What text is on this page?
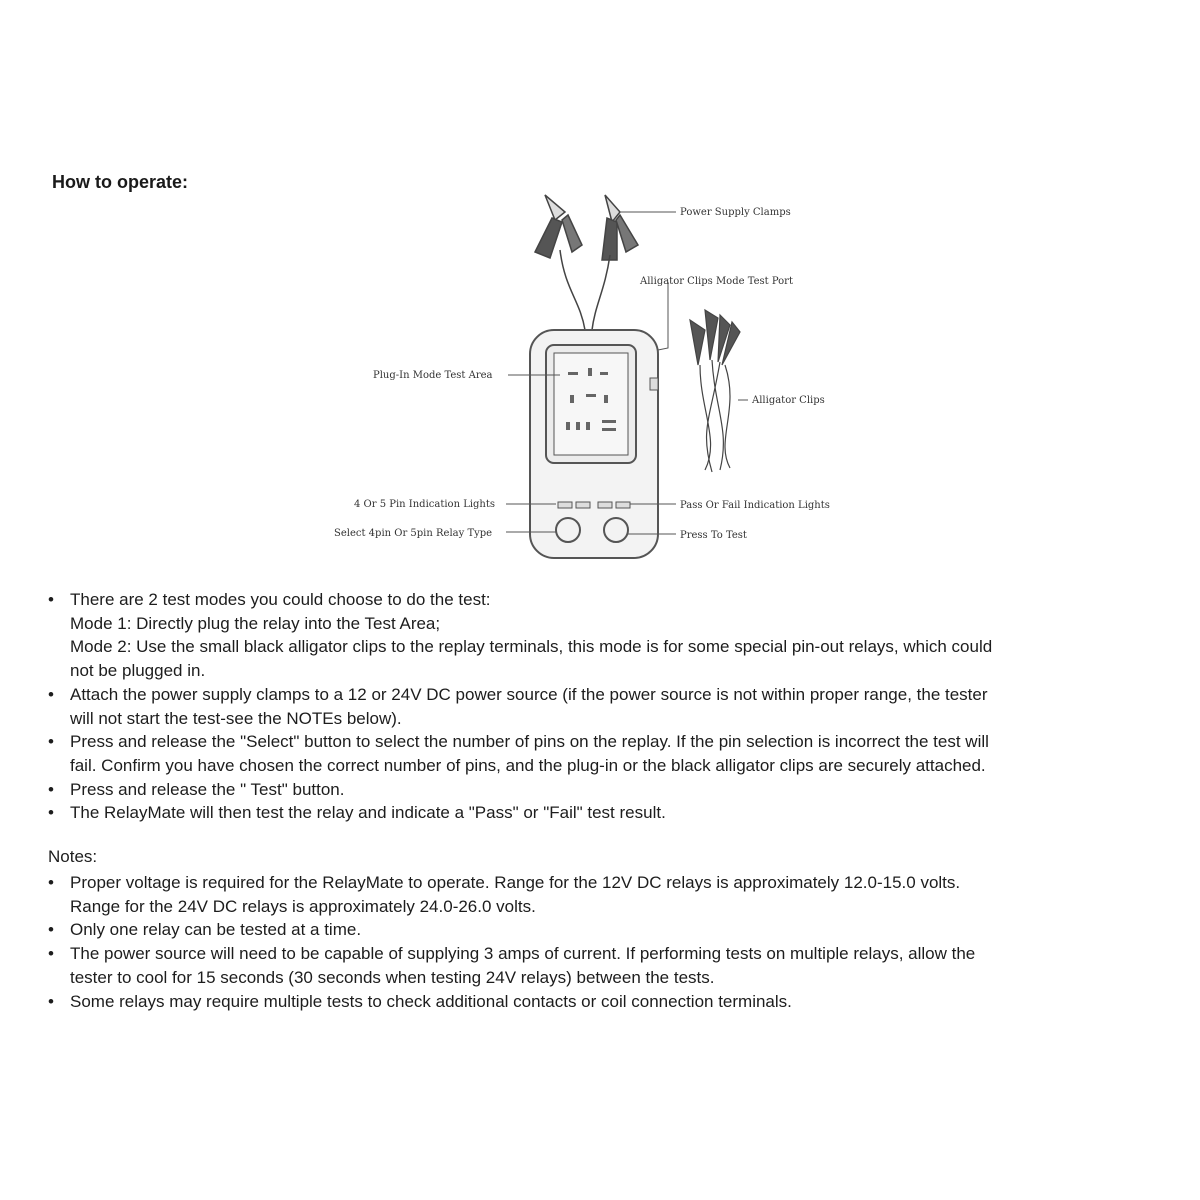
How to operate:
Power Supply Clamps
Alligator Clips Mode Test Port
Plug-In Mode Test Area
Alligator Clips
4 Or 5 Pin Indication Lights	Pass Or Fail Indication Lights
Select 4pin Or 5pin Relay Type	Press To Test
• There are 2 test modes you could choose to do the test:
Mode 1: Directly plug the relay into the Test Area;
Mode 2: Use the small black alligator clips to the replay terminals, this mode is for some special pin-out relays, which could
not be plugged in.
• Attach the power supply clamps to a 12 or 24V DC power source (if the power source is not within proper range, the tester
will not start the test-see the NOTEs below).
• Press and release the "Select" button to select the number of pins on the replay. If the pin selection is incorrect the test will
fail. Confirm you have chosen the correct number of pins, and the plug-in or the black alligator clips are securely attached.
• Press and release the " Test" button.
• The RelayMate will then test the relay and indicate a "Pass" or "Fail" test result.
Notes:
• Proper voltage is required for the RelayMate to operate. Range for the 12V DC relays is approximately 12.0-15.0 volts.
Range for the 24V DC relays is approximately 24.0-26.0 volts.
• Only one relay can be tested at a time.
• The power source will need to be capable of supplying 3 amps of current. If performing tests on multiple relays, allow the
tester to cool for 15 seconds (30 seconds when testing 24V relays) between the tests.
• Some relays may require multiple tests to check additional contacts or coil connection terminals.
